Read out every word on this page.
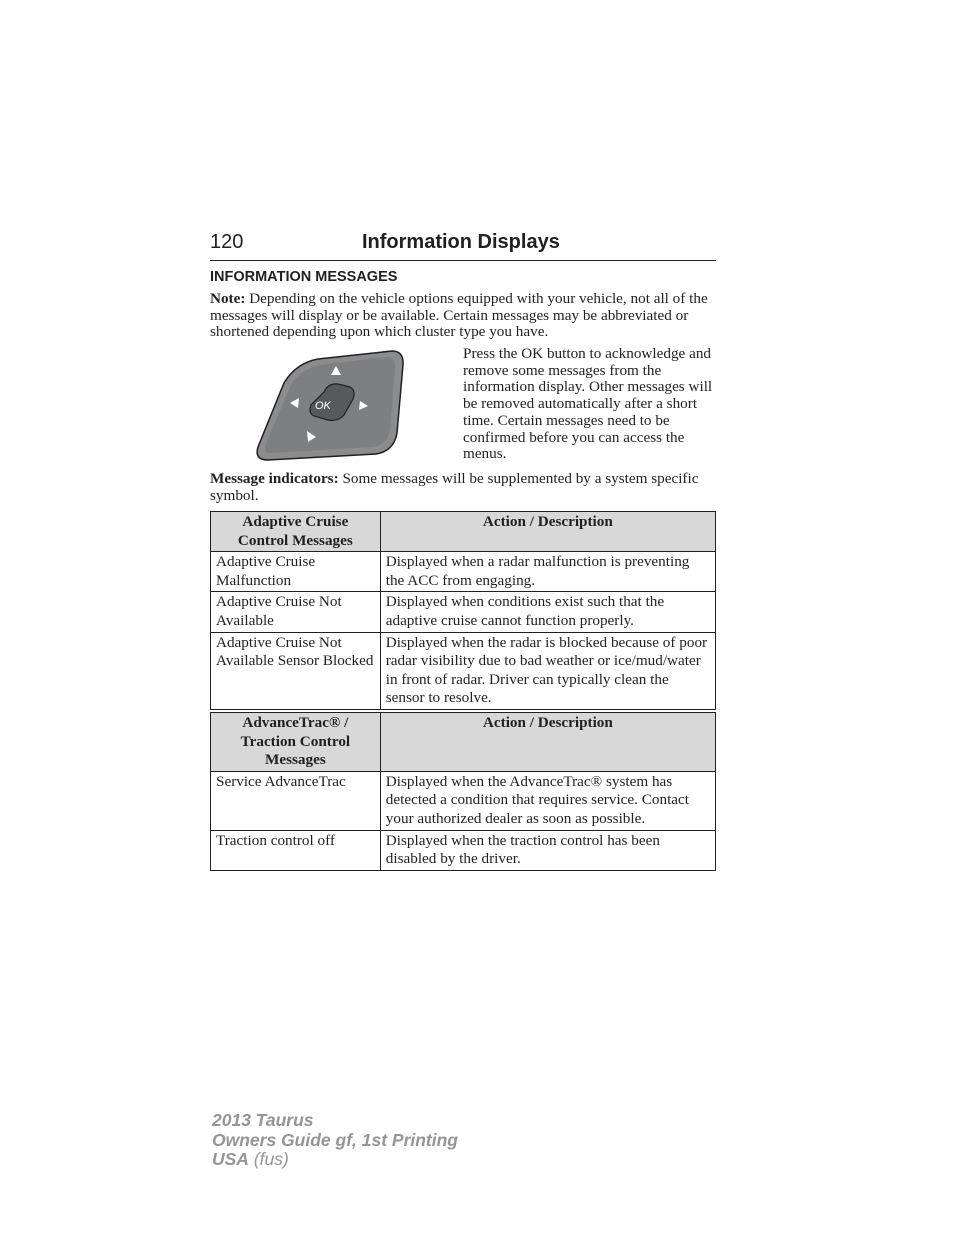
120	Information Displays
INFORMATION MESSAGES

Note: Depending on the vehicle options equipped with your vehicle, not all of the messages will display or be available. Certain messages may be abbreviated or shortened depending upon which cluster type you have.

OK

Press the OK button to acknowledge and remove some messages from the information display. Other messages will be removed automatically after a short time. Certain messages need to be confirmed before you can access the menus.

Message indicators: Some messages will be supplemented by a system specific symbol.

Adaptive Cruise Control Messages	Action / Description
Adaptive Cruise Malfunction	Displayed when a radar malfunction is preventing the ACC from engaging.
Adaptive Cruise Not Available	Displayed when conditions exist such that the adaptive cruise cannot function properly.
Adaptive Cruise Not Available Sensor Blocked	Displayed when the radar is blocked because of poor radar visibility due to bad weather or ice/mud/water in front of radar. Driver can typically clean the sensor to resolve.
AdvanceTrac® / Traction Control Messages	Action / Description
Service AdvanceTrac	Displayed when the AdvanceTrac® system has detected a condition that requires service. Contact your authorized dealer as soon as possible.
Traction control off	Displayed when the traction control has been disabled by the driver.
2013 Taurus
Owners Guide gf, 1st Printing
USA (fus)
